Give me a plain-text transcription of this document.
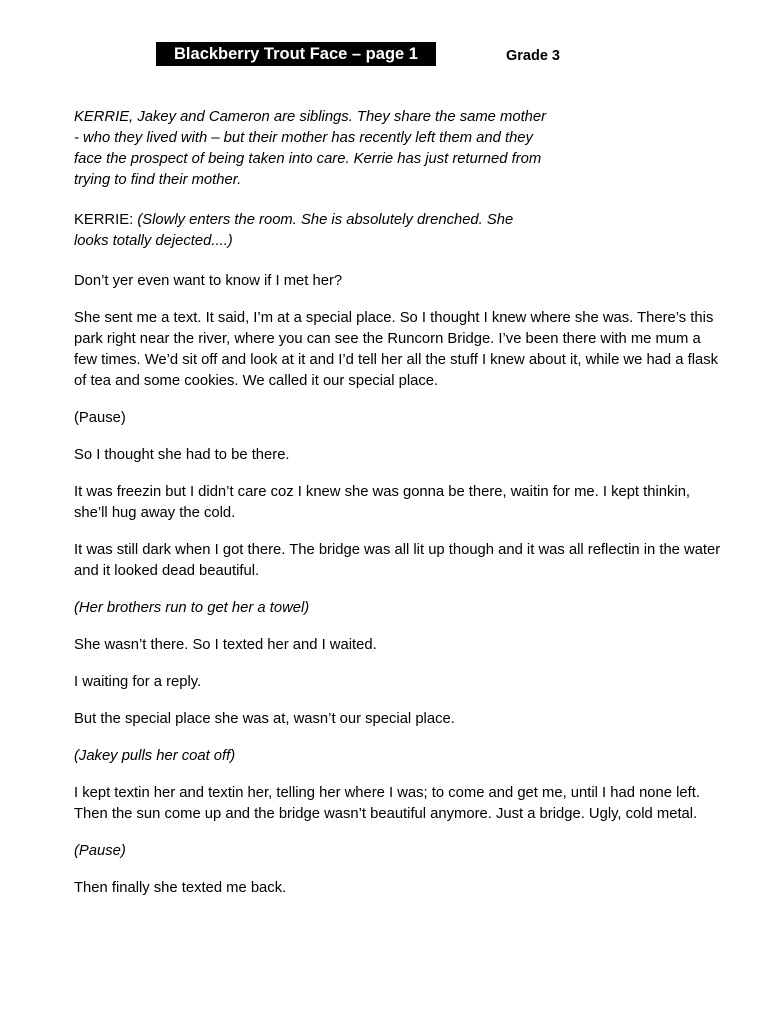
Blackberry Trout Face – page 1	Grade 3

KERRIE, Jakey and Cameron are siblings. They share the same mother - who they lived with – but their mother has recently left them and they face the prospect of being taken into care. Kerrie has just returned from trying to find their mother.

KERRIE: (Slowly enters the room. She is absolutely drenched. She looks totally dejected....)

Don’t yer even want to know if I met her?

She sent me a text. It said, I’m at a special place. So I thought I knew where she was. There’s this park right near the river, where you can see the Runcorn Bridge. I’ve been there with me mum a few times. We’d sit off and look at it and I’d tell her all the stuff I knew about it, while we had a flask of tea and some cookies. We called it our special place.

(Pause)

So I thought she had to be there.

It was freezin but I didn’t care coz I knew she was gonna be there, waitin for me. I kept thinkin, she’ll hug away the cold.

It was still dark when I got there. The bridge was all lit up though and it was all reflectin in the water and it looked dead beautiful.

(Her brothers run to get her a towel)

She wasn’t there. So I texted her and I waited.

I waiting for a reply.

But the special place she was at, wasn’t our special place.

(Jakey pulls her coat off)

I kept textin her and textin her, telling her where I was; to come and get me, until I had none left. Then the sun come up and the bridge wasn’t beautiful anymore. Just a bridge. Ugly, cold metal.

(Pause)

Then finally she texted me back.
